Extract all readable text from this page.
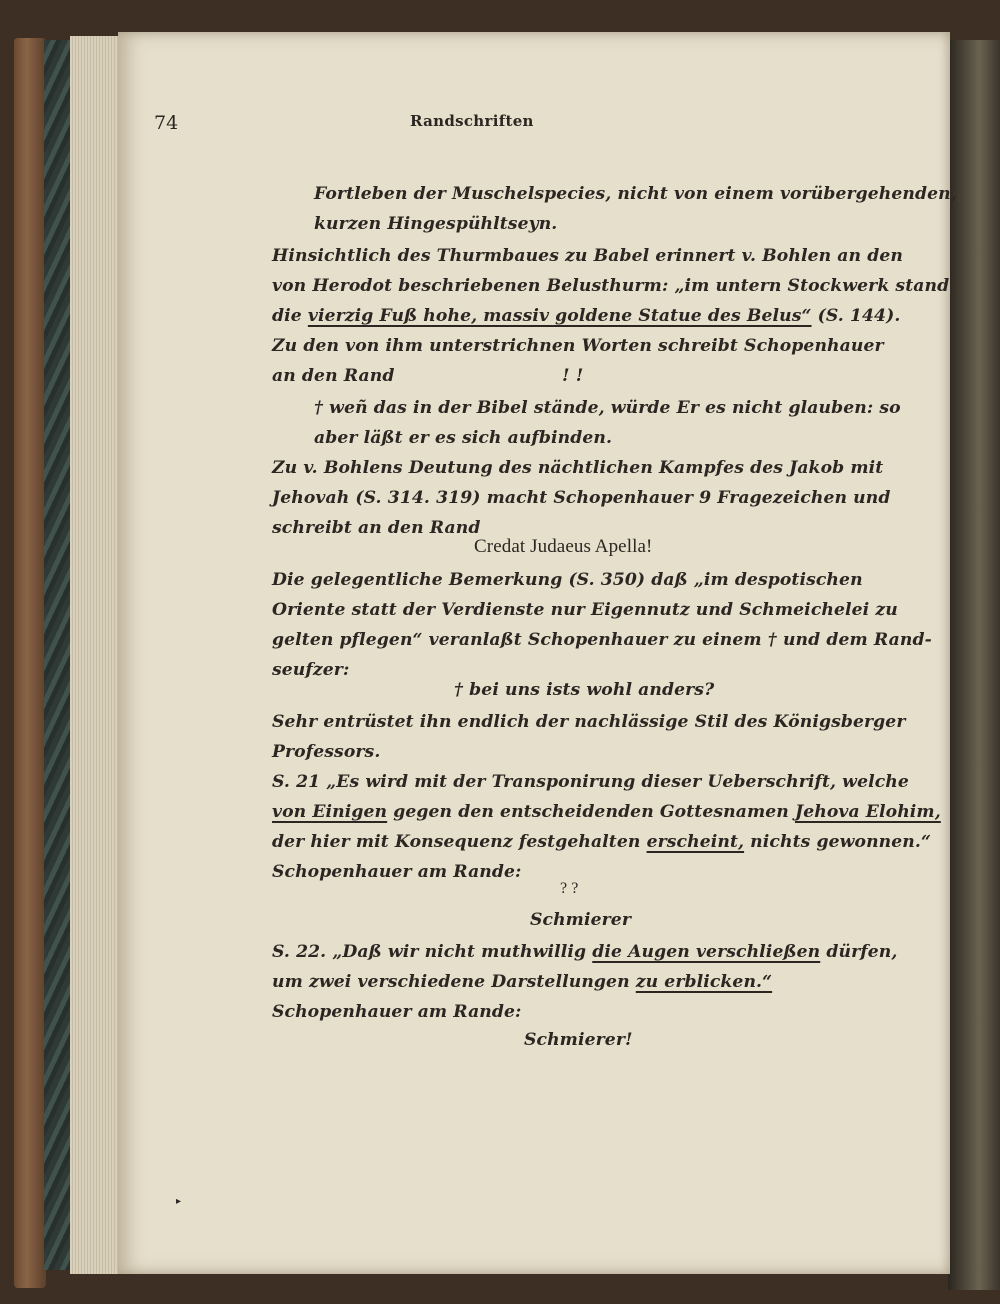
74	Randschriften
Fortleben der Muschelspecies, nicht von einem vorübergehenden,
kurzen Hingespühltseyn.
Hinsichtlich des Thurmbaues zu Babel erinnert v. Bohlen an den
von Herodot beschriebenen Belusthurm: „im untern Stockwerk stand
die vierzig Fuß hohe, massiv goldene Statue des Belus“ (S. 144).
Zu den von ihm unterstrichnen Worten schreibt Schopenhauer
an den Rand	! !
† weñ das in der Bibel stände, würde Er es nicht glauben: so
aber läßt er es sich aufbinden.
Zu v. Bohlens Deutung des nächtlichen Kampfes des Jakob mit
Jehovah (S. 314. 319) macht Schopenhauer 9 Fragezeichen und
schreibt an den Rand
Credat Judaeus Apella!
Die gelegentliche Bemerkung (S. 350) daß „im despotischen
Oriente statt der Verdienste nur Eigennutz und Schmeichelei zu
gelten pflegen“ veranlaßt Schopenhauer zu einem † und dem Rand-
seufzer:
† bei uns ists wohl anders?
Sehr entrüstet ihn endlich der nachlässige Stil des Königsberger
Professors.
S. 21 „Es wird mit der Transponirung dieser Ueberschrift, welche
von Einigen gegen den entscheidenden Gottesnamen Jehova Elohim,
der hier mit Konsequenz festgehalten erscheint, nichts gewonnen.“
Schopenhauer am Rande:
? ?
Schmierer
S. 22. „Daß wir nicht muthwillig die Augen verschließen dürfen,
um zwei verschiedene Darstellungen zu erblicken.“
Schopenhauer am Rande:
Schmierer!
▸
